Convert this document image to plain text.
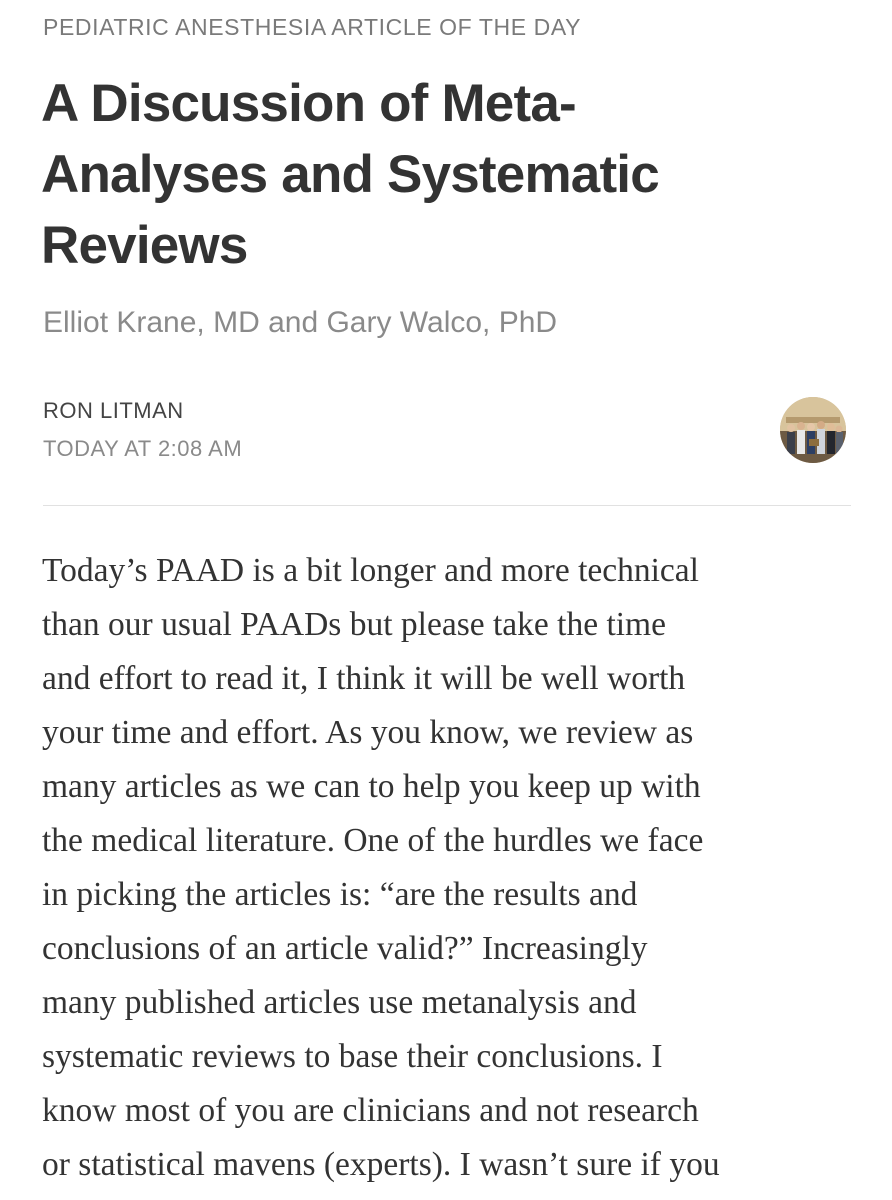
PEDIATRIC ANESTHESIA ARTICLE OF THE DAY
A Discussion of Meta-
Analyses and Systematic
Reviews
Elliot Krane, MD and Gary Walco, PhD
RON LITMAN
TODAY AT 2:08 AM
Today’s PAAD is a bit longer and more technical
than our usual PAADs but please take the time
and effort to read it, I think it will be well worth
your time and effort. As you know, we review as
many articles as we can to help you keep up with
the medical literature. One of the hurdles we face
in picking the articles is: “are the results and
conclusions of an article valid?” Increasingly
many published articles use metanalysis and
systematic reviews to base their conclusions. I
know most of you are clinicians and not research
or statistical mavens (experts). I wasn’t sure if you
